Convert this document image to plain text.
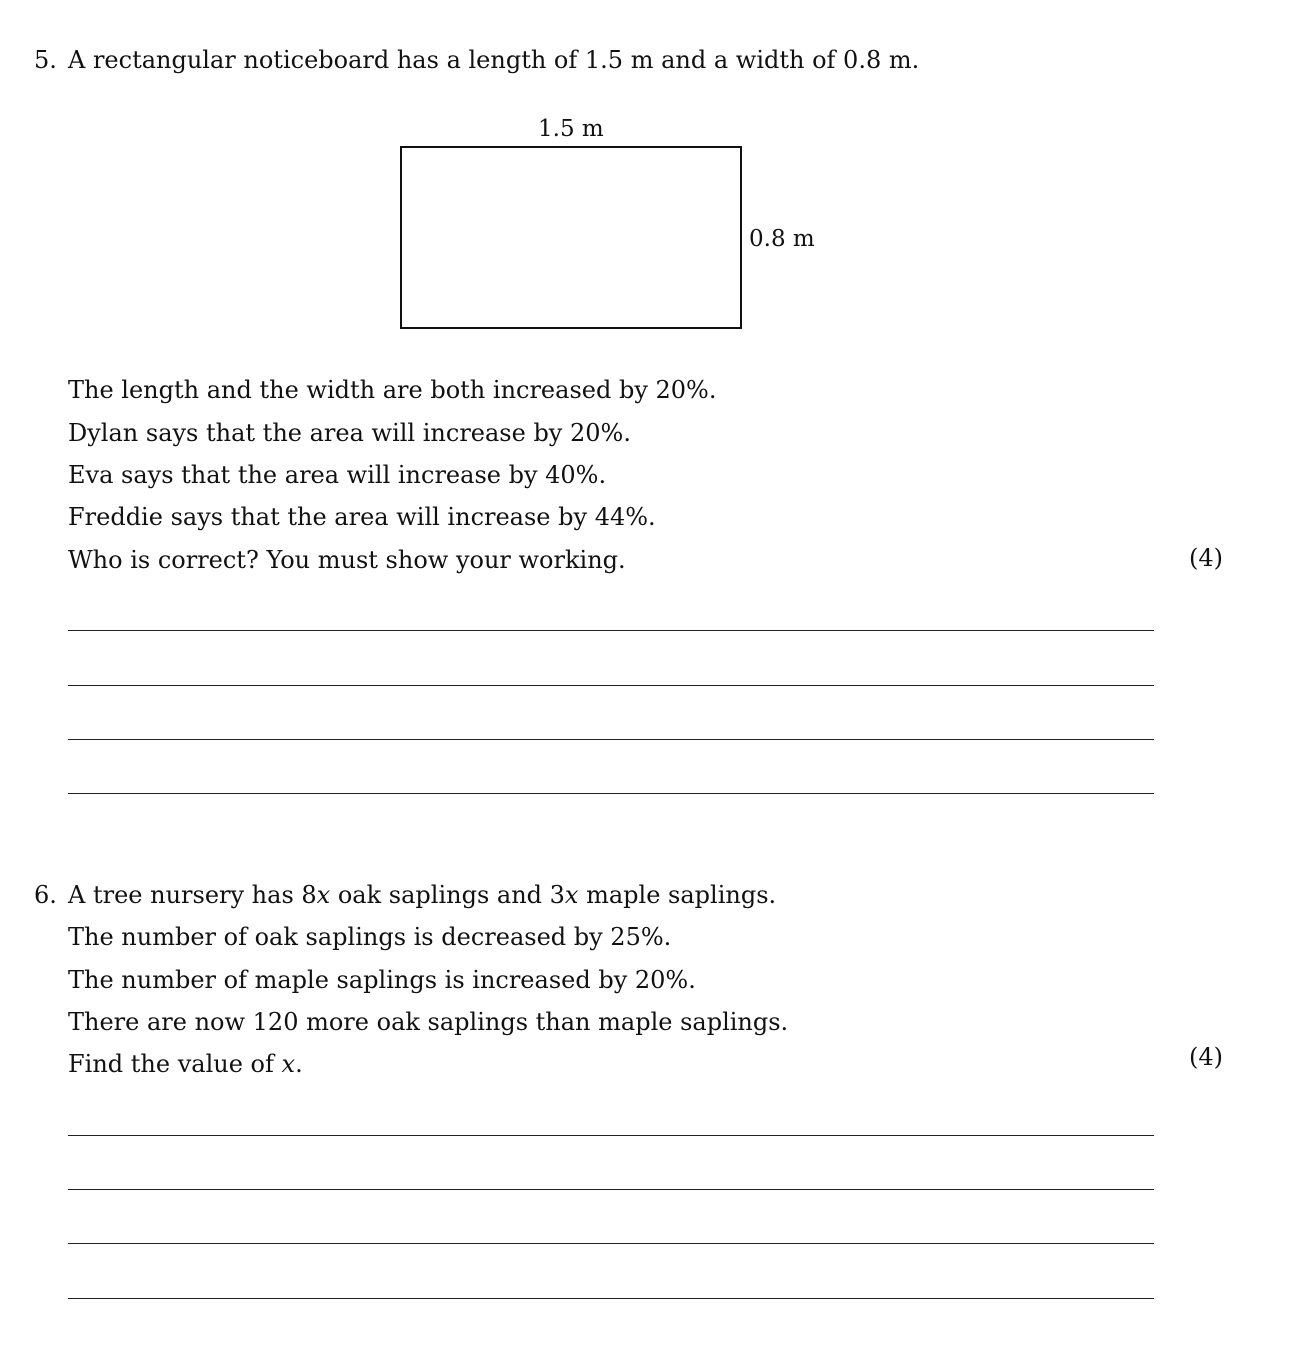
5. A rectangular noticeboard has a length of 1.5 m and a width of 0.8 m.
1.5 m
0.8 m
The length and the width are both increased by 20%.
Dylan says that the area will increase by 20%.
Eva says that the area will increase by 40%.
Freddie says that the area will increase by 44%.
Who is correct? You must show your working.	(4)
6. A tree nursery has 8x oak saplings and 3x maple saplings.
The number of oak saplings is decreased by 25%.
The number of maple saplings is increased by 20%.
There are now 120 more oak saplings than maple saplings.
Find the value of x.	(4)
